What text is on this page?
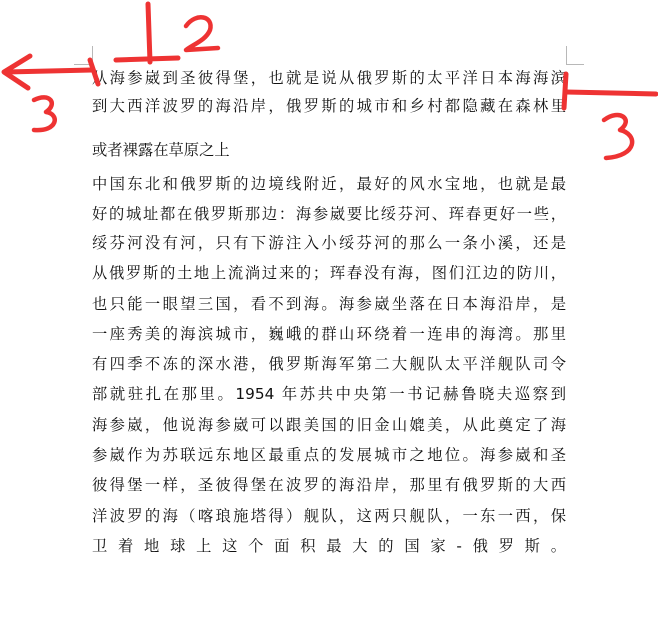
从海参崴到圣彼得堡，也就是说从俄罗斯的太平洋日本海海滨
到大西洋波罗的海沿岸，俄罗斯的城市和乡村都隐藏在森林里
或者裸露在草原之上
中国东北和俄罗斯的边境线附近，最好的风水宝地，也就是最
好的城址都在俄罗斯那边：海参崴要比绥芬河、珲春更好一些，
绥芬河没有河，只有下游注入小绥芬河的那么一条小溪，还是
从俄罗斯的土地上流淌过来的；珲春没有海，图们江边的防川，
也只能一眼望三国，看不到海。海参崴坐落在日本海沿岸，是
一座秀美的海滨城市，巍峨的群山环绕着一连串的海湾。那里
有四季不冻的深水港，俄罗斯海军第二大舰队太平洋舰队司令
部就驻扎在那里。1954 年苏共中央第一书记赫鲁晓夫巡察到
海参崴，他说海参崴可以跟美国的旧金山媲美，从此奠定了海
参崴作为苏联远东地区最重点的发展城市之地位。海参崴和圣
彼得堡一样，圣彼得堡在波罗的海沿岸，那里有俄罗斯的大西
洋波罗的海（喀琅施塔得）舰队，这两只舰队，一东一西，保
卫着地球上这个面积最大的国家-俄罗斯。
